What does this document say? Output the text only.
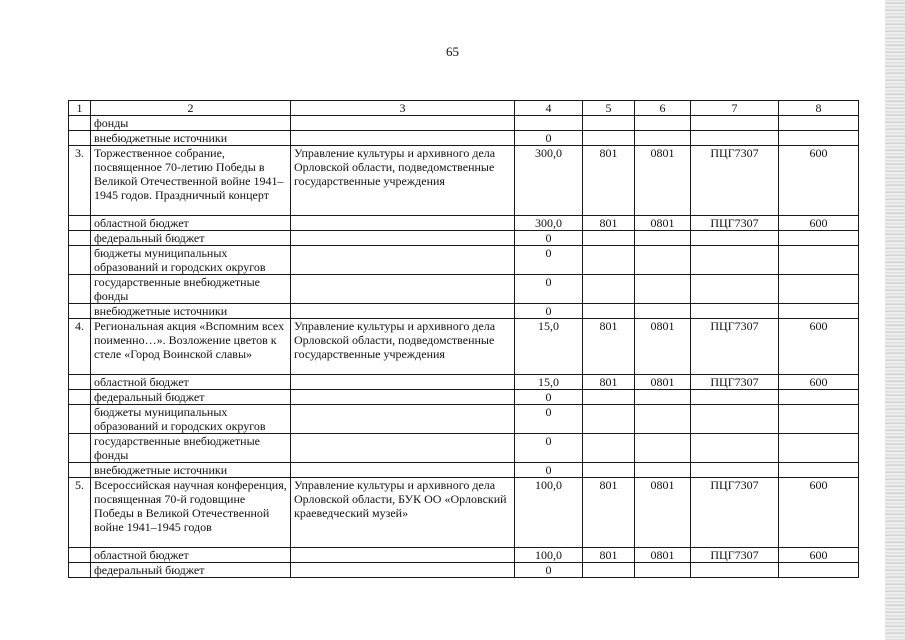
65
1	2	3	4	5	6	7	8
	фонды						
	внебюджетные источники		0				
3.	Торжественное собрание, посвященное 70-летию Победы в Великой Отечественной войне 1941–1945 годов. Праздничный концерт	Управление культуры и архивного дела Орловской области, подведомственные государственные учреждения	300,0	801	0801	ПЦГ7307	600
	областной бюджет		300,0	801	0801	ПЦГ7307	600
	федеральный бюджет		0				
	бюджеты муниципальных образований и городских округов		0				
	государственные внебюджетные фонды		0				
	внебюджетные источники		0				
4.	Региональная акция «Вспомним всех поименно…». Возложение цветов к стеле «Город Воинской славы»	Управление культуры и архивного дела Орловской области, подведомственные государственные учреждения	15,0	801	0801	ПЦГ7307	600
	областной бюджет		15,0	801	0801	ПЦГ7307	600
	федеральный бюджет		0				
	бюджеты муниципальных образований и городских округов		0				
	государственные внебюджетные фонды		0				
	внебюджетные источники		0				
5.	Всероссийская научная конференция, посвященная 70-й годовщине Победы в Великой Отечественной войне 1941–1945 годов	Управление культуры и архивного дела Орловской области, БУК ОО «Орловский краеведческий музей»	100,0	801	0801	ПЦГ7307	600
	областной бюджет		100,0	801	0801	ПЦГ7307	600
	федеральный бюджет		0				
